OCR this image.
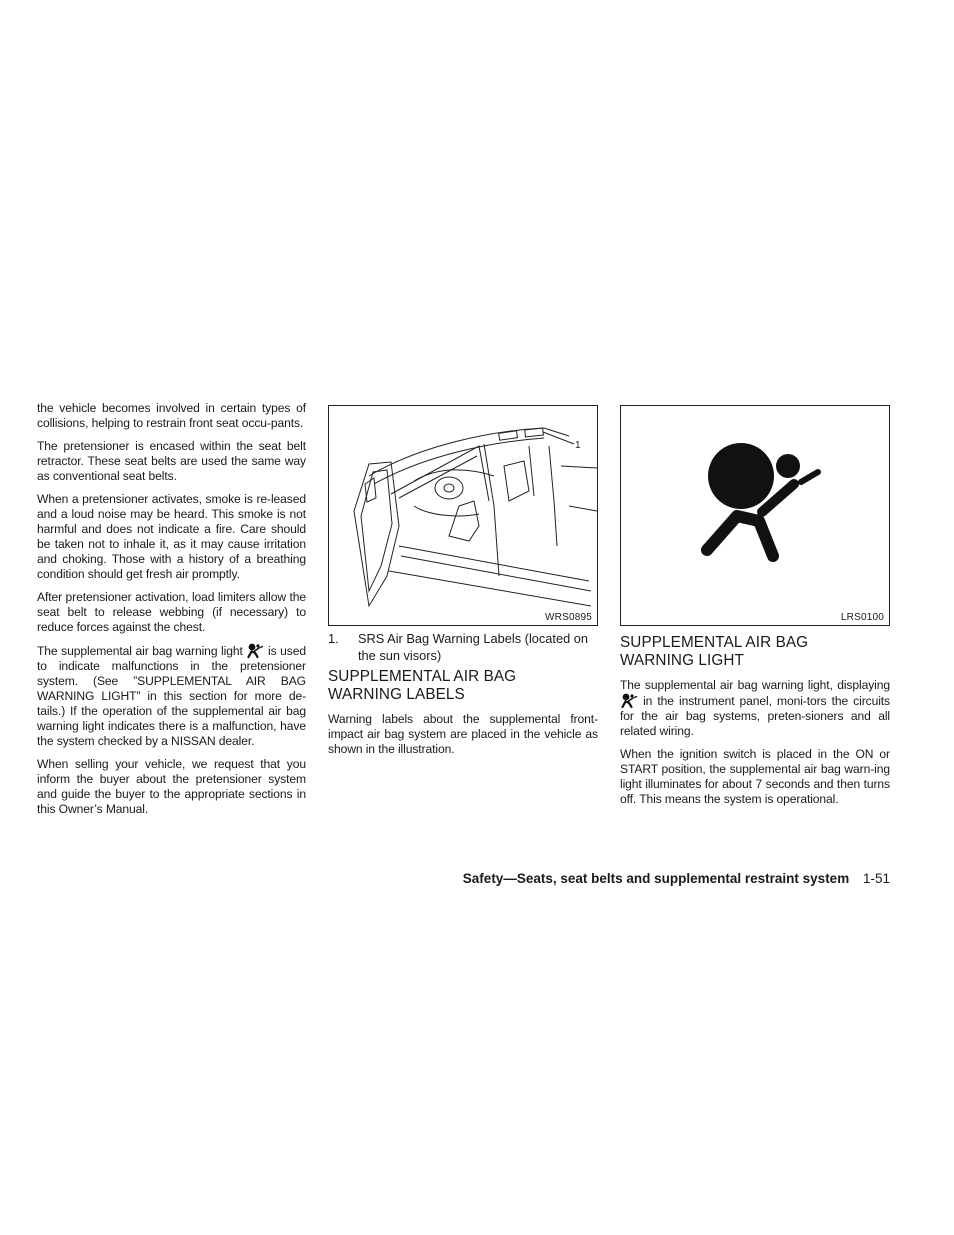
the vehicle becomes involved in certain types of collisions, helping to restrain front seat occu-pants.

The pretensioner is encased within the seat belt retractor. These seat belts are used the same way as conventional seat belts.

When a pretensioner activates, smoke is re-leased and a loud noise may be heard. This smoke is not harmful and does not indicate a fire. Care should be taken not to inhale it, as it may cause irritation and choking. Those with a history of a breathing condition should get fresh air promptly.

After pretensioner activation, load limiters allow the seat belt to release webbing (if necessary) to reduce forces against the chest.

The supplemental air bag warning light is used to indicate malfunctions in the pretensioner system. (See ”SUPPLEMENTAL AIR BAG WARNING LIGHT” in this section for more de-tails.) If the operation of the supplemental air bag warning light indicates there is a malfunction, have the system checked by a NISSAN dealer.

When selling your vehicle, we request that you inform the buyer about the pretensioner system and guide the buyer to the appropriate sections in this Owner’s Manual.

1
WRS0895
1.	SRS Air Bag Warning Labels (located on the sun visors)
SUPPLEMENTAL AIR BAG
WARNING LABELS

Warning labels about the supplemental front-impact air bag system are placed in the vehicle as shown in the illustration.

LRS0100
SUPPLEMENTAL AIR BAG
WARNING LIGHT

The supplemental air bag warning light, displaying  in the instrument panel, moni-tors the circuits for the air bag systems, preten-sioners and all related wiring.

When the ignition switch is placed in the ON or START position, the supplemental air bag warn-ing light illuminates for about 7 seconds and then turns off. This means the system is operational.

Safety—Seats, seat belts and supplemental restraint system 1-51
